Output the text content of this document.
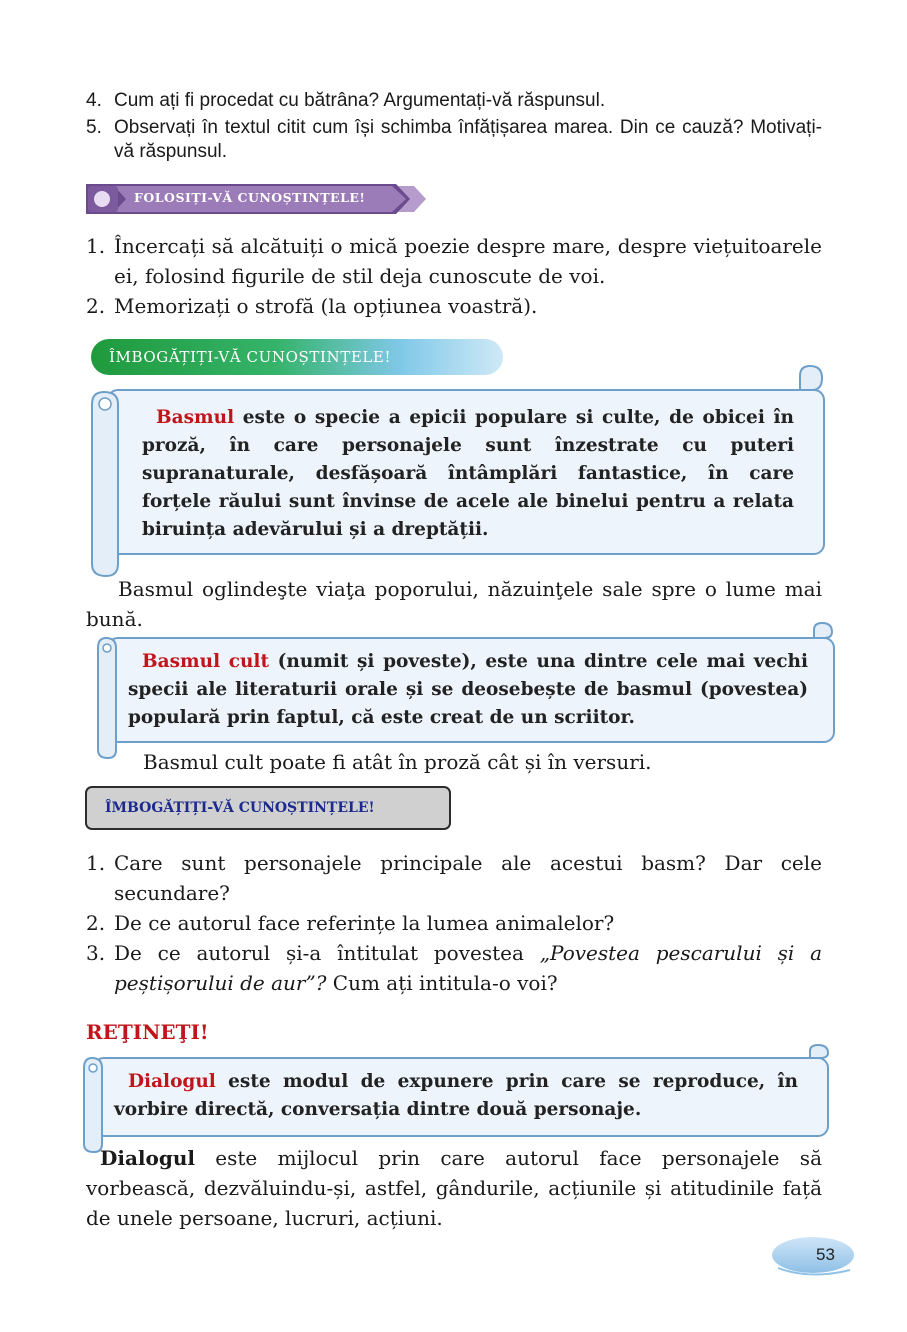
4. Cum ați fi procedat cu bătrâna? Argumentați-vă răspunsul.
5. Observați în textul citit cum își schimba înfățișarea marea. Din ce cauză? Motivați-vă răspunsul.
FOLOSIȚI-VĂ CUNOȘTINȚELE!
1. Încercați să alcătuiți o mică poezie despre mare, despre viețuitoarele ei, folosind figurile de stil deja cunoscute de voi.
2. Memorizați o strofă (la opțiunea voastră).
ÎMBOGĂȚIȚI-VĂ CUNOȘTINȚELE!

Basmul este o specie a epicii populare si culte, de obicei în proză, în care personajele sunt înzestrate cu puteri supranaturale, desfășoară întâmplări fantastice, în care forțele răului sunt învinse de acele ale binelui pentru a relata biruința adevărului și a dreptății.

Basmul oglindeşte viaţa poporului, năzuinţele sale spre o lume mai bună.

Basmul cult (numit și poveste), este una dintre cele mai vechi specii ale literaturii orale și se deosebește de basmul (povestea) populară prin faptul, că este creat de un scriitor.

Basmul cult poate fi atât în proză cât și în versuri.

ÎMBOGĂȚIȚI-VĂ CUNOȘTINȚELE!
1. Care sunt personajele principale ale acestui basm? Dar cele secundare?
2. De ce autorul face referințe la lumea animalelor?
3. De ce autorul și-a întitulat povestea „Povestea pescarului și a peștișorului de aur”? Cum ați intitula-o voi?
REŢINEŢI!

Dialogul este modul de expunere prin care se reproduce, în vorbire directă, conversația dintre două personaje.

Dialogul este mijlocul prin care autorul face personajele să vorbească, dezvăluindu-și, astfel, gândurile, acțiunile și atitudinile față de unele persoane, lucruri, acțiuni.

53
